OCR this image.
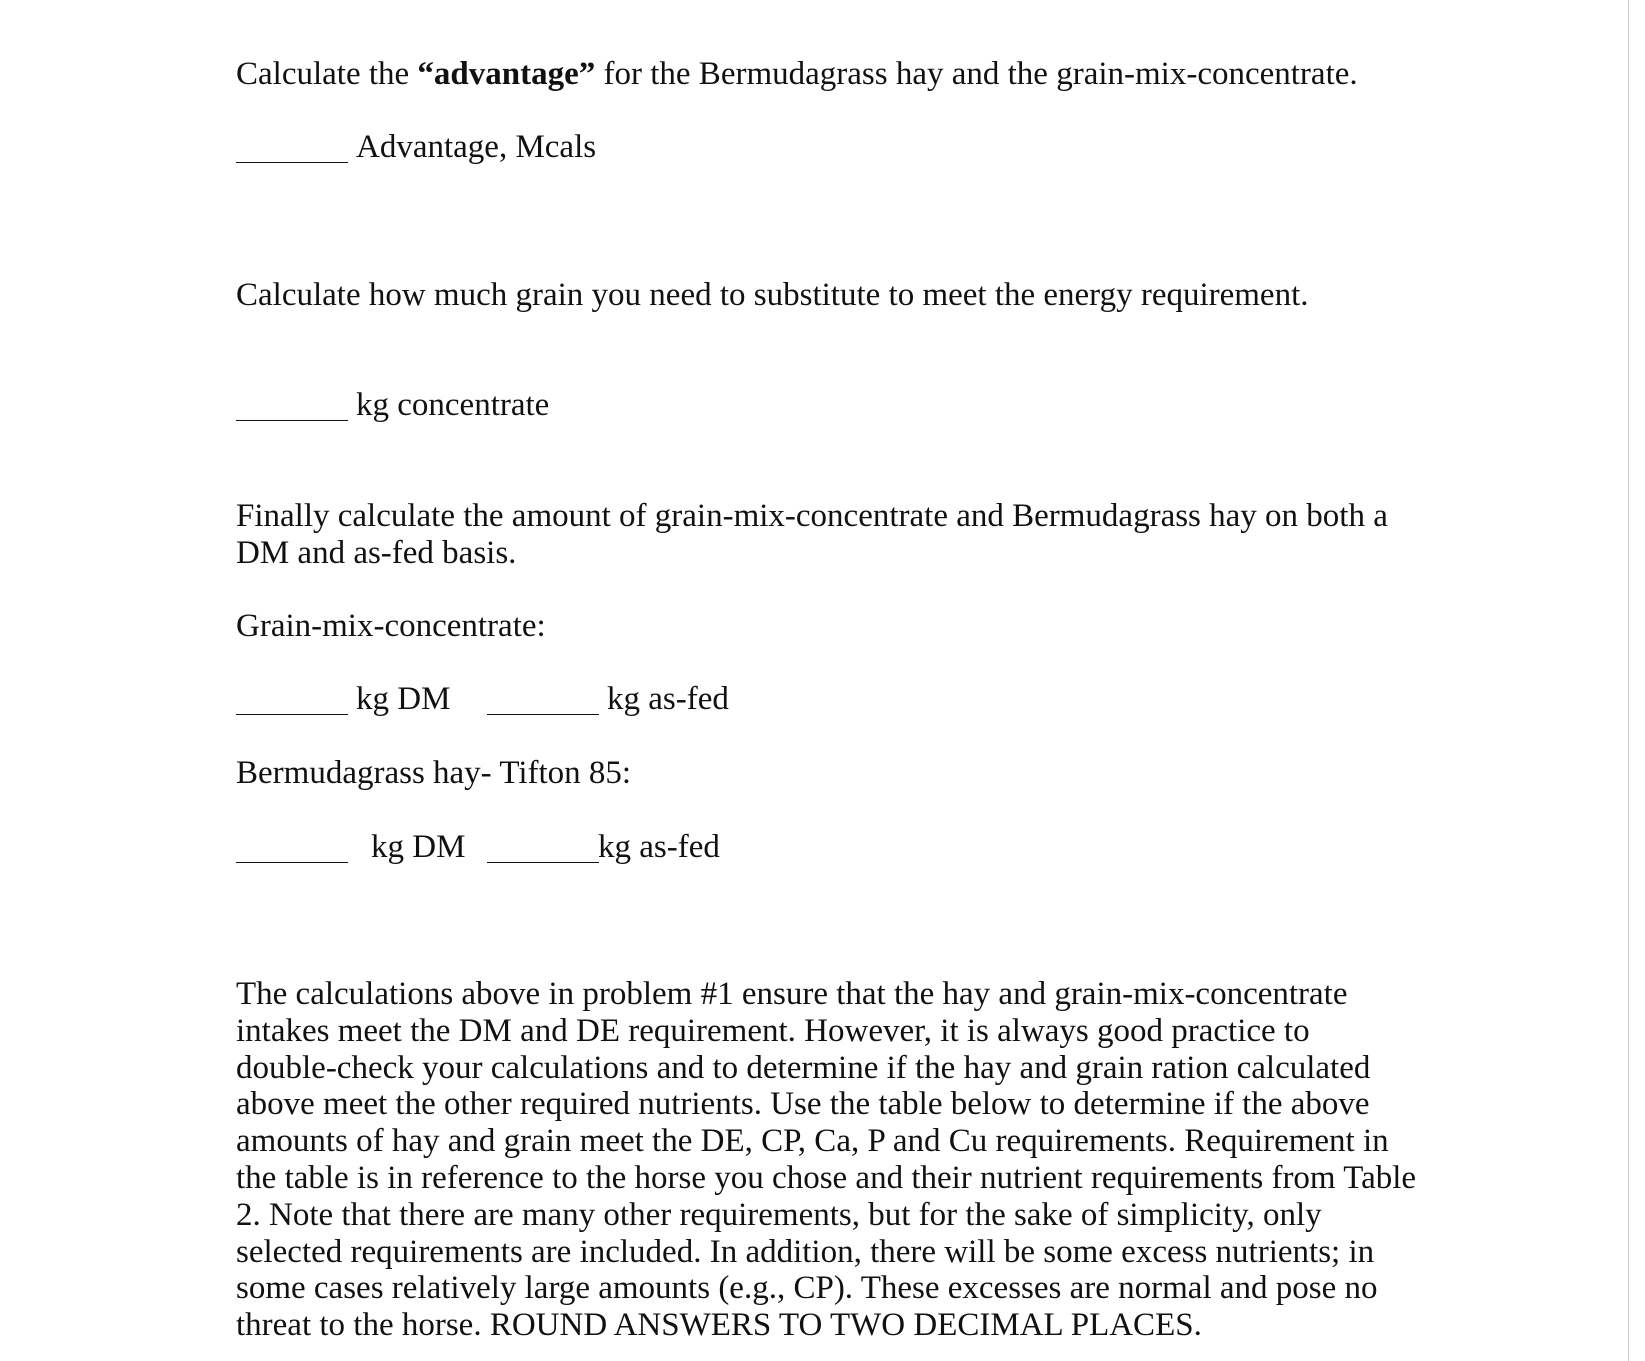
Calculate the “advantage” for the Bermudagrass hay and the grain-mix-concentrate.

Advantage, Mcals

Calculate how much grain you need to substitute to meet the energy requirement.

kg concentrate

Finally calculate the amount of grain-mix-concentrate and Bermudagrass hay on both a

DM and as-fed basis.

Grain-mix-concentrate:

kg DM	kg as-fed

Bermudagrass hay- Tifton 85:

kg DM	kg as-fed
The calculations above in problem #1 ensure that the hay and grain-mix-concentrate
intakes meet the DM and DE requirement. However, it is always good practice to
double-check your calculations and to determine if the hay and grain ration calculated
above meet the other required nutrients. Use the table below to determine if the above
amounts of hay and grain meet the DE, CP, Ca, P and Cu requirements. Requirement in
the table is in reference to the horse you chose and their nutrient requirements from Table
2. Note that there are many other requirements, but for the sake of simplicity, only
selected requirements are included. In addition, there will be some excess nutrients; in
some cases relatively large amounts (e.g., CP). These excesses are normal and pose no
threat to the horse. ROUND ANSWERS TO TWO DECIMAL PLACES.
